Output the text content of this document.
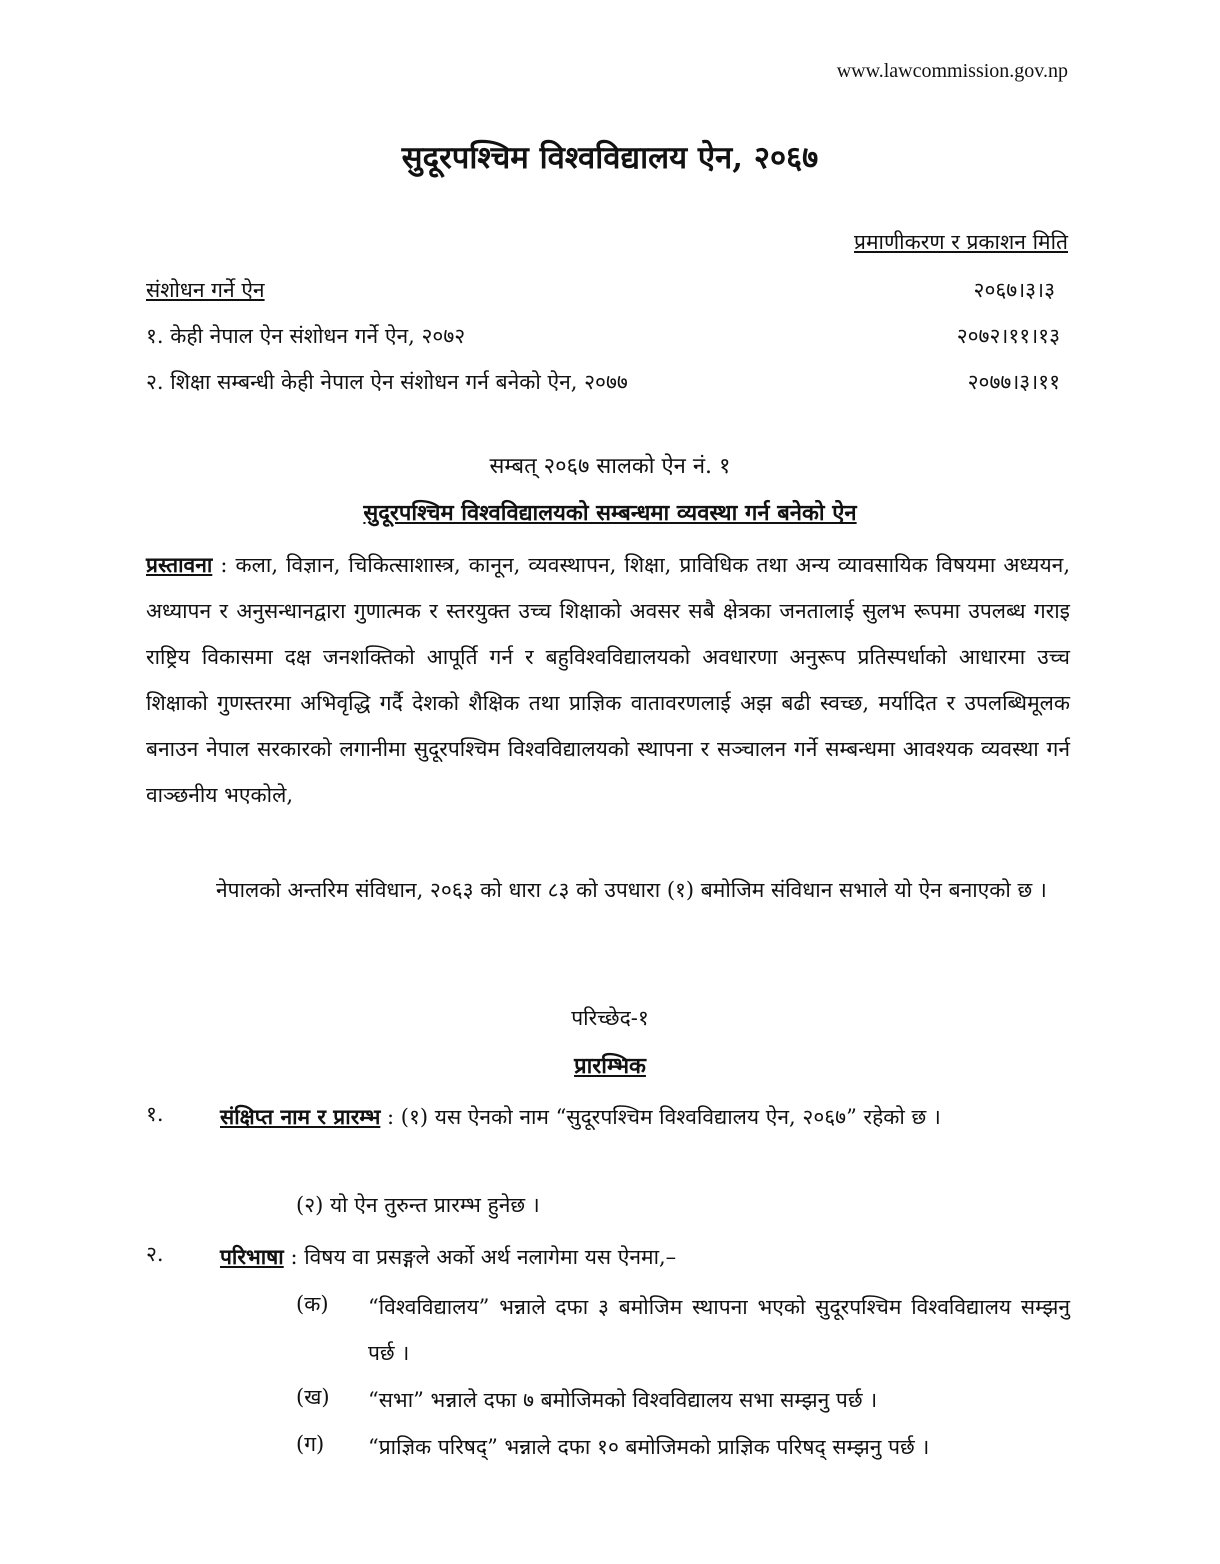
www.lawcommission.gov.np
सुदूरपश्चिम विश्वविद्यालय ऐन, २०६७
प्रमाणीकरण र प्रकाशन मिति
संशोधन गर्ने ऐन	२०६७।३।३
१. केही नेपाल ऐन संशोधन गर्ने ऐन, २०७२	२०७२।११।१३
२. शिक्षा सम्बन्धी केही नेपाल ऐन संशोधन गर्न बनेको ऐन, २०७७	२०७७।३।११
सम्बत् २०६७ सालको ऐन नं. १
सुदूरपश्चिम विश्वविद्यालयको सम्बन्धमा व्यवस्था गर्न बनेको ऐन
प्रस्तावना : कला, विज्ञान, चिकित्साशास्त्र, कानून, व्यवस्थापन, शिक्षा, प्राविधिक तथा अन्य व्यावसायिक विषयमा अध्ययन, अध्यापन र अनुसन्धानद्वारा गुणात्मक र स्तरयुक्त उच्च शिक्षाको अवसर सबै क्षेत्रका जनतालाई सुलभ रूपमा उपलब्ध गराइ राष्ट्रिय विकासमा दक्ष जनशक्तिको आपूर्ति गर्न र बहुविश्वविद्यालयको अवधारणा अनुरूप प्रतिस्पर्धाको आधारमा उच्च शिक्षाको गुणस्तरमा अभिवृद्धि गर्दै देशको शैक्षिक तथा प्राज्ञिक वातावरणलाई अझ बढी स्वच्छ, मर्यादित र उपलब्धिमूलक बनाउन नेपाल सरकारको लगानीमा सुदूरपश्चिम विश्वविद्यालयको स्थापना र सञ्चालन गर्ने सम्बन्धमा आवश्यक व्यवस्था गर्न वाञ्छनीय भएकोले,
नेपालको अन्तरिम संविधान, २०६३ को धारा ८३ को उपधारा (१) बमोजिम संविधान सभाले यो ऐन बनाएको छ ।
परिच्छेद-१
प्रारम्भिक
१.	संक्षिप्त नाम र प्रारम्भ : (१) यस ऐनको नाम “सुदूरपश्चिम विश्वविद्यालय ऐन, २०६७” रहेको छ ।
(२) यो ऐन तुरुन्त प्रारम्भ हुनेछ ।
२.	परिभाषा : विषय वा प्रसङ्गले अर्को अर्थ नलागेमा यस ऐनमा,–
(क) “विश्वविद्यालय” भन्नाले दफा ३ बमोजिम स्थापना भएको सुदूरपश्चिम विश्वविद्यालय सम्झनु पर्छ ।
(ख) “सभा” भन्नाले दफा ७ बमोजिमको विश्वविद्यालय सभा सम्झनु पर्छ ।
(ग) “प्राज्ञिक परिषद्” भन्नाले दफा १० बमोजिमको प्राज्ञिक परिषद् सम्झनु पर्छ ।
